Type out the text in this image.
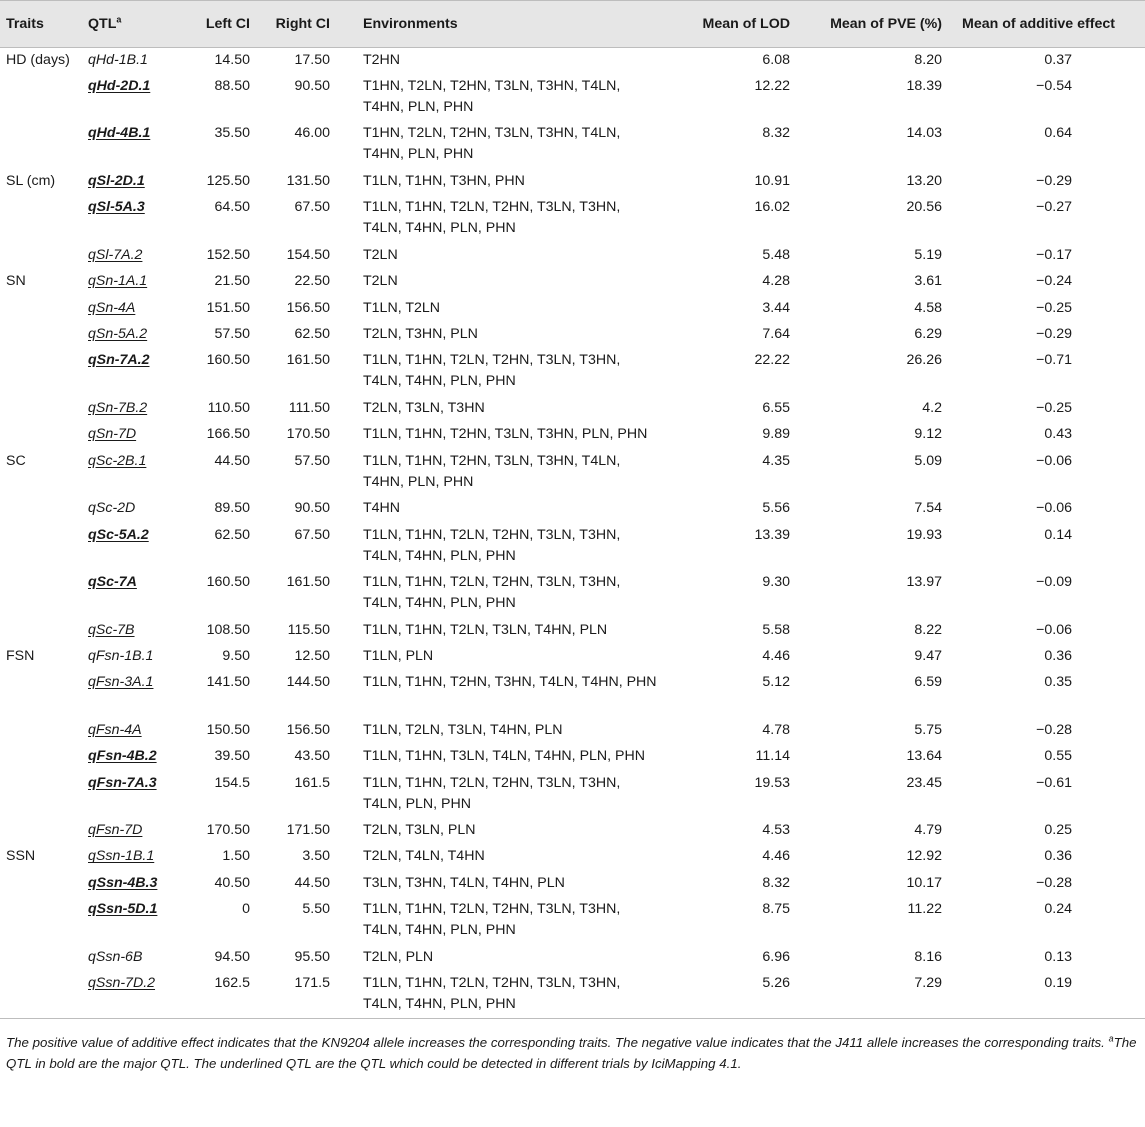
Traits	QTL$^a$	Left CI	Right CI	Environments	Mean of LOD	Mean of PVE (%)	Mean of additive effect
HD (days)	qHd-1B.1	14.50	17.50	T2HN	6.08	8.20	0.37
	qHd-2D.1	88.50	90.50	T1HN, T2LN, T2HN, T3LN, T3HN, T4LN, T4HN, PLN, PHN	12.22	18.39	−0.54
	qHd-4B.1	35.50	46.00	T1HN, T2LN, T2HN, T3LN, T3HN, T4LN, T4HN, PLN, PHN	8.32	14.03	0.64
SL (cm)	qSl-2D.1	125.50	131.50	T1LN, T1HN, T3HN, PHN	10.91	13.20	−0.29
	qSl-5A.3	64.50	67.50	T1LN, T1HN, T2LN, T2HN, T3LN, T3HN, T4LN, T4HN, PLN, PHN	16.02	20.56	−0.27
	qSl-7A.2	152.50	154.50	T2LN	5.48	5.19	−0.17
SN	qSn-1A.1	21.50	22.50	T2LN	4.28	3.61	−0.24
	qSn-4A	151.50	156.50	T1LN, T2LN	3.44	4.58	−0.25
	qSn-5A.2	57.50	62.50	T2LN, T3HN, PLN	7.64	6.29	−0.29
	qSn-7A.2	160.50	161.50	T1LN, T1HN, T2LN, T2HN, T3LN, T3HN, T4LN, T4HN, PLN, PHN	22.22	26.26	−0.71
	qSn-7B.2	110.50	111.50	T2LN, T3LN, T3HN	6.55	4.2	−0.25
	qSn-7D	166.50	170.50	T1LN, T1HN, T2HN, T3LN, T3HN, PLN, PHN	9.89	9.12	0.43
SC	qSc-2B.1	44.50	57.50	T1LN, T1HN, T2HN, T3LN, T3HN, T4LN, T4HN, PLN, PHN	4.35	5.09	−0.06
	qSc-2D	89.50	90.50	T4HN	5.56	7.54	−0.06
	qSc-5A.2	62.50	67.50	T1LN, T1HN, T2LN, T2HN, T3LN, T3HN, T4LN, T4HN, PLN, PHN	13.39	19.93	0.14
	qSc-7A	160.50	161.50	T1LN, T1HN, T2LN, T2HN, T3LN, T3HN, T4LN, T4HN, PLN, PHN	9.30	13.97	−0.09
	qSc-7B	108.50	115.50	T1LN, T1HN, T2LN, T3LN, T4HN, PLN	5.58	8.22	−0.06
FSN	qFsn-1B.1	9.50	12.50	T1LN, PLN	4.46	9.47	0.36
	qFsn-3A.1	141.50	144.50	T1LN, T1HN, T2HN, T3HN, T4LN, T4HN, PHN	5.12	6.59	0.35
	qFsn-4A	150.50	156.50	T1LN, T2LN, T3LN, T4HN, PLN	4.78	5.75	−0.28
	qFsn-4B.2	39.50	43.50	T1LN, T1HN, T3LN, T4LN, T4HN, PLN, PHN	11.14	13.64	0.55
	qFsn-7A.3	154.5	161.5	T1LN, T1HN, T2LN, T2HN, T3LN, T3HN, T4LN, PLN, PHN	19.53	23.45	−0.61
	qFsn-7D	170.50	171.50	T2LN, T3LN, PLN	4.53	4.79	0.25
SSN	qSsn-1B.1	1.50	3.50	T2LN, T4LN, T4HN	4.46	12.92	0.36
	qSsn-4B.3	40.50	44.50	T3LN, T3HN, T4LN, T4HN, PLN	8.32	10.17	−0.28
	qSsn-5D.1	0	5.50	T1LN, T1HN, T2LN, T2HN, T3LN, T3HN, T4LN, T4HN, PLN, PHN	8.75	11.22	0.24
	qSsn-6B	94.50	95.50	T2LN, PLN	6.96	8.16	0.13
	qSsn-7D.2	162.5	171.5	T1LN, T1HN, T2LN, T2HN, T3LN, T3HN, T4LN, T4HN, PLN, PHN	5.26	7.29	0.19
The positive value of additive effect indicates that the KN9204 allele increases the corresponding traits. The negative value indicates that the J411 allele increases the corresponding traits. $^a$The QTL in bold are the major QTL. The underlined QTL are the QTL which could be detected in different trials by IciMapping 4.1.
